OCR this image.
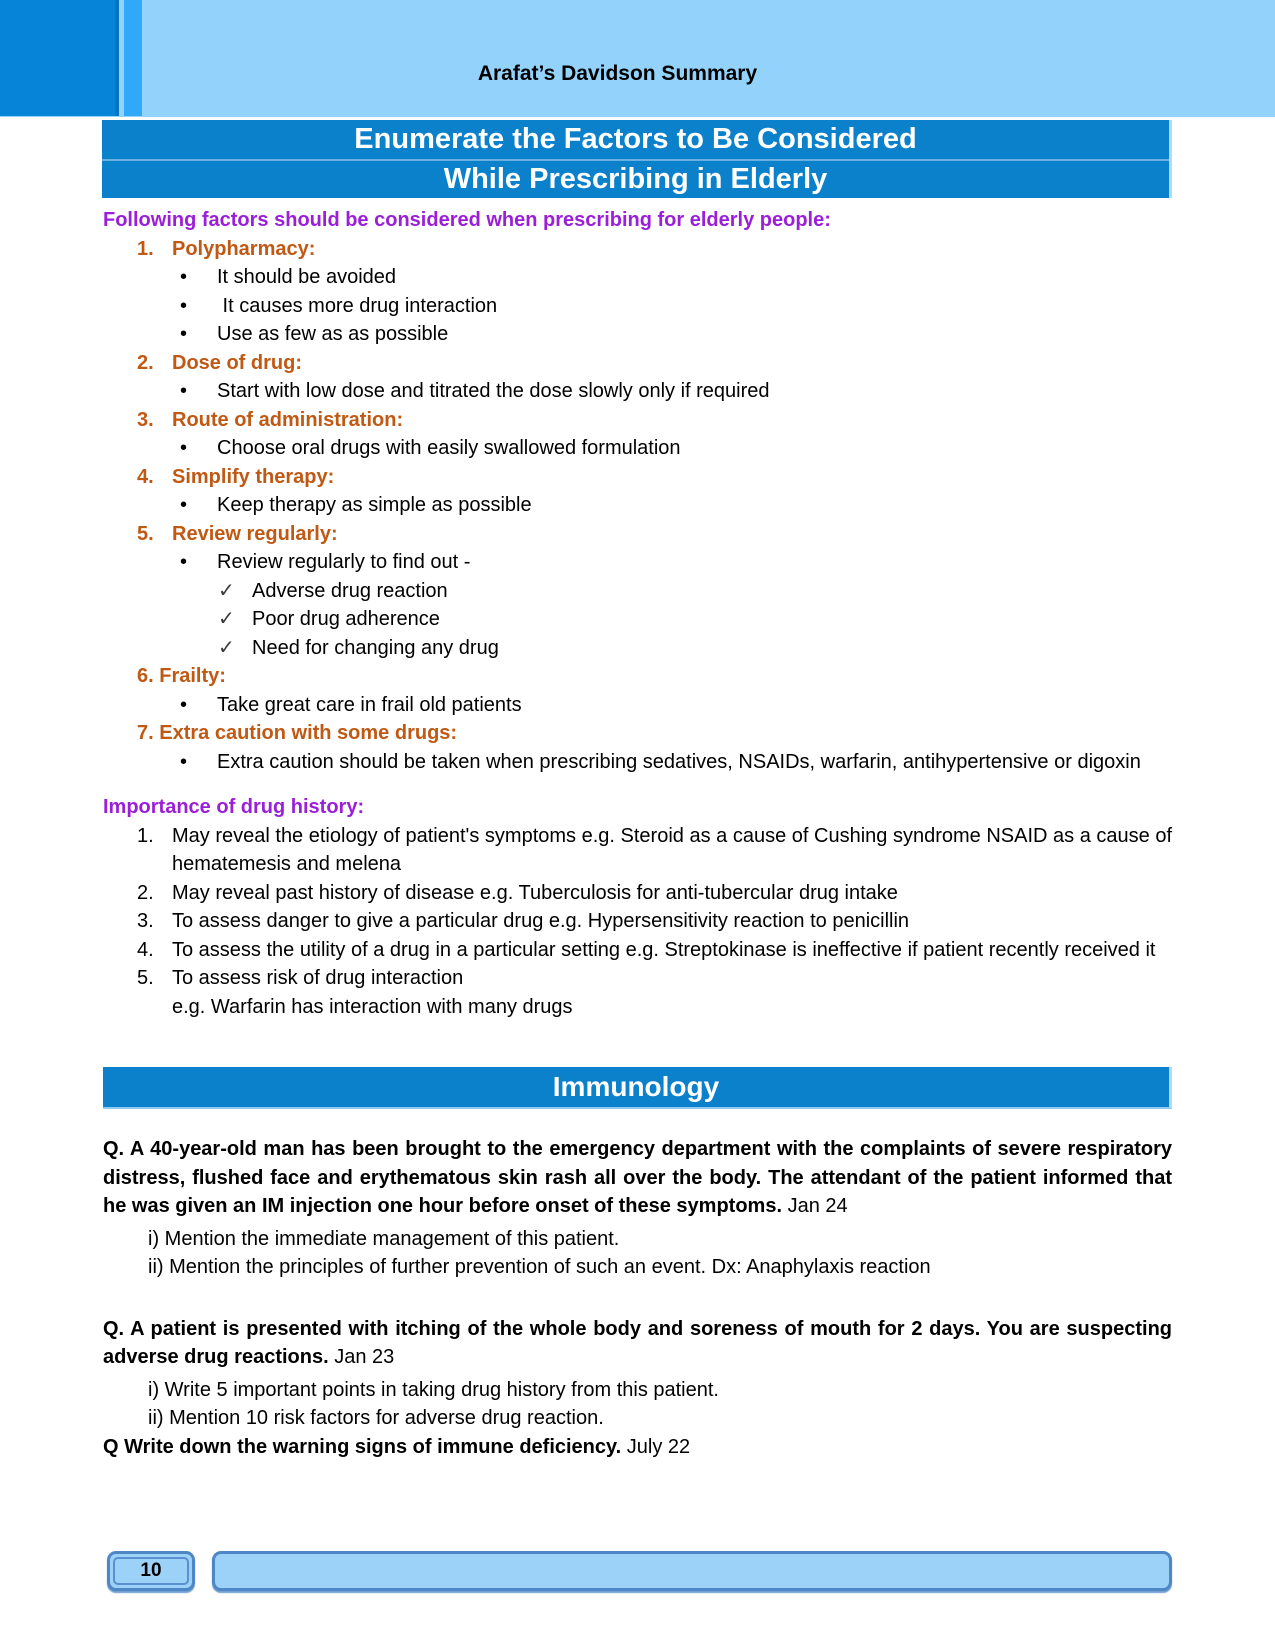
Arafat’s Davidson Summary
Enumerate the Factors to Be Considered
While Prescribing in Elderly
Following factors should be considered when prescribing for elderly people:
1. Polypharmacy:
• It should be avoided
• It causes more drug interaction
• Use as few as as possible
2. Dose of drug:
• Start with low dose and titrated the dose slowly only if required
3. Route of administration:
• Choose oral drugs with easily swallowed formulation
4. Simplify therapy:
• Keep therapy as simple as possible
5. Review regularly:
• Review regularly to find out -
✓ Adverse drug reaction
✓ Poor drug adherence
✓ Need for changing any drug
6. Frailty:
• Take great care in frail old patients
7. Extra caution with some drugs:
• Extra caution should be taken when prescribing sedatives, NSAIDs, warfarin, antihypertensive or digoxin
Importance of drug history:
1. May reveal the etiology of patient's symptoms e.g. Steroid as a cause of Cushing syndrome NSAID as a cause of hematemesis and melena
2. May reveal past history of disease e.g. Tuberculosis for anti-tubercular drug intake
3. To assess danger to give a particular drug e.g. Hypersensitivity reaction to penicillin
4. To assess the utility of a drug in a particular setting e.g. Streptokinase is ineffective if patient recently received it
5. To assess risk of drug interaction
e.g. Warfarin has interaction with many drugs
Immunology

Q. A 40-year-old man has been brought to the emergency department with the complaints of severe respiratory distress, flushed face and erythematous skin rash all over the body. The attendant of the patient informed that he was given an IM injection one hour before onset of these symptoms. Jan 24

i) Mention the immediate management of this patient.
ii) Mention the principles of further prevention of such an event. Dx: Anaphylaxis reaction

Q. A patient is presented with itching of the whole body and soreness of mouth for 2 days. You are suspecting adverse drug reactions. Jan 23

i) Write 5 important points in taking drug history from this patient.
ii) Mention 10 risk factors for adverse drug reaction.

Q Write down the warning signs of immune deficiency. July 22

10
